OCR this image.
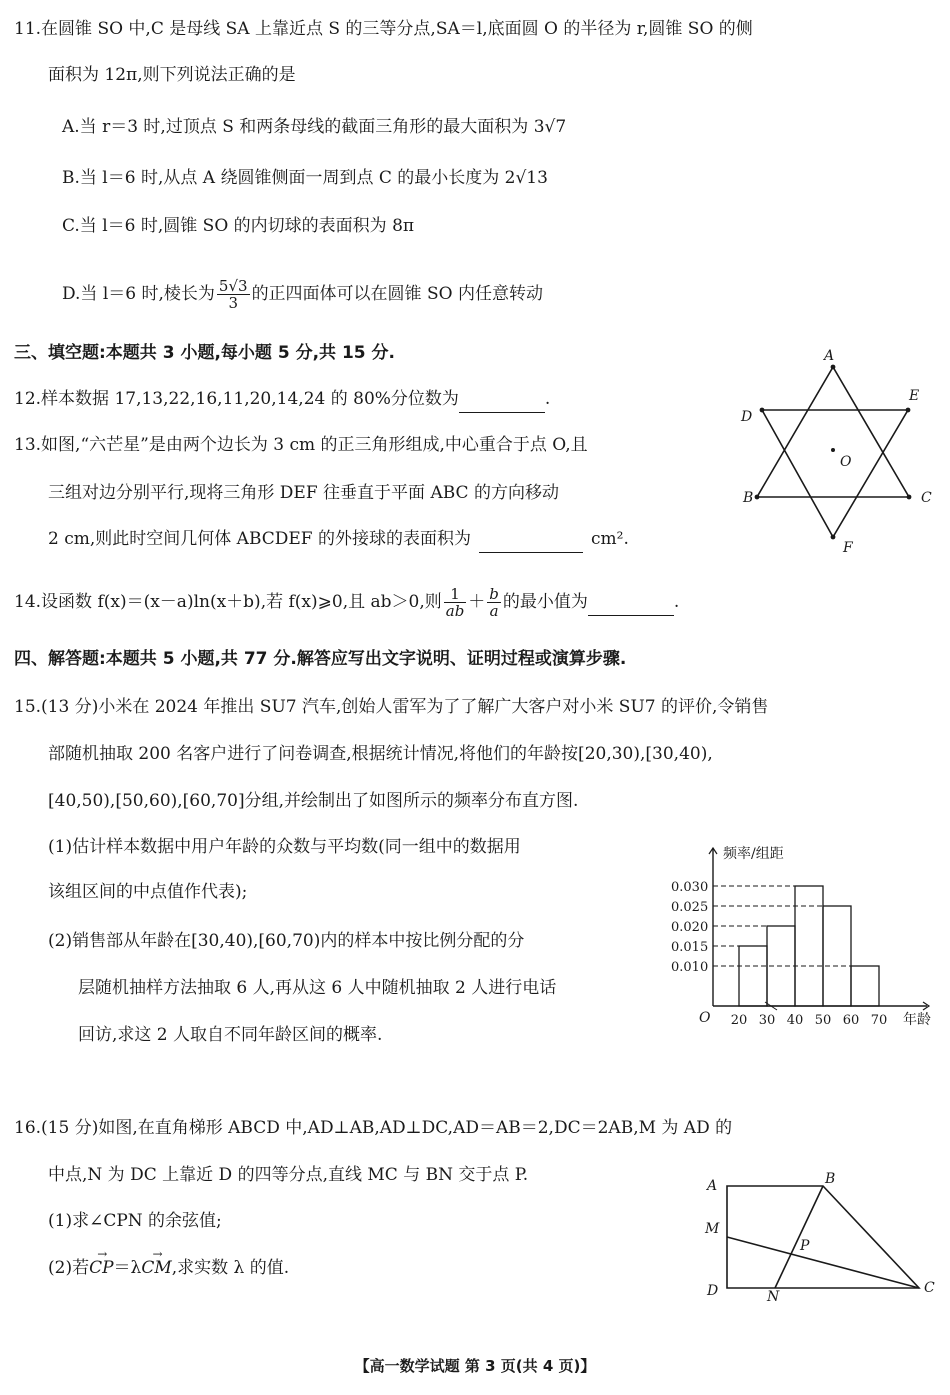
11.在圆锥 SO 中,C 是母线 SA 上靠近点 S 的三等分点,SA＝l,底面圆 O 的半径为 r,圆锥 SO 的侧
面积为 12π,则下列说法正确的是
A.当 r＝3 时,过顶点 S 和两条母线的截面三角形的最大面积为 3√7
B.当 l＝6 时,从点 A 绕圆锥侧面一周到点 C 的最小长度为 2√13
C.当 l＝6 时,圆锥 SO 的内切球的表面积为 8π
D.当 l＝6 时,棱长为 $\frac{5√3}{3}$ 的正四面体可以在圆锥 SO 内任意转动
三、填空题:本题共 3 小题,每小题 5 分,共 15 分.
12.样本数据 17,13,22,16,11,20,14,24 的 80%分位数为	.
13.如图,“六芒星”是由两个边长为 3 cm 的正三角形组成,中心重合于点 O,且
三组对边分别平行,现将三角形 DEF 往垂直于平面 ABC 的方向移动
2 cm,则此时空间几何体 ABCDEF 的外接球的表面积为	cm².
A
B	C
D
E
F
O
14.设函数 f(x)＝(x－a)ln(x＋b),若 f(x)⩾0,且 ab＞0,则 $\frac{1}{ab} + \frac{b}{a}$ 的最小值为	.
四、解答题:本题共 5 小题,共 77 分.解答应写出文字说明、证明过程或演算步骤.
15.(13 分)小米在 2024 年推出 SU7 汽车,创始人雷军为了了解广大客户对小米 SU7 的评价,令销售
部随机抽取 200 名客户进行了问卷调查,根据统计情况,将他们的年龄按[20,30),[30,40),
[40,50),[50,60),[60,70]分组,并绘制出了如图所示的频率分布直方图.
(1)估计样本数据中用户年龄的众数与平均数(同一组中的数据用
该组区间的中点值作代表);
(2)销售部从年龄在[30,40),[60,70)内的样本中按比例分配的分
层随机抽样方法抽取 6 人,再从这 6 人中随机抽取 2 人进行电话
回访,求这 2 人取自不同年龄区间的概率.
频率/组距
年龄
O
0.030
0.025
0.020
0.015
0.010
20 30 40 50 60 70
16.(15 分)如图,在直角梯形 ABCD 中,AD⊥AB,AD⊥DC,AD＝AB＝2,DC＝2AB,M 为 AD 的
中点,N 为 DC 上靠近 D 的四等分点,直线 MC 与 BN 交于点 P.
(1)求∠CPN 的余弦值;
(2)若→ CP＝λ→ CM,求实数 λ 的值.
A	B
C
D
M
N
P
【高一数学试题 第 3 页(共 4 页)】
